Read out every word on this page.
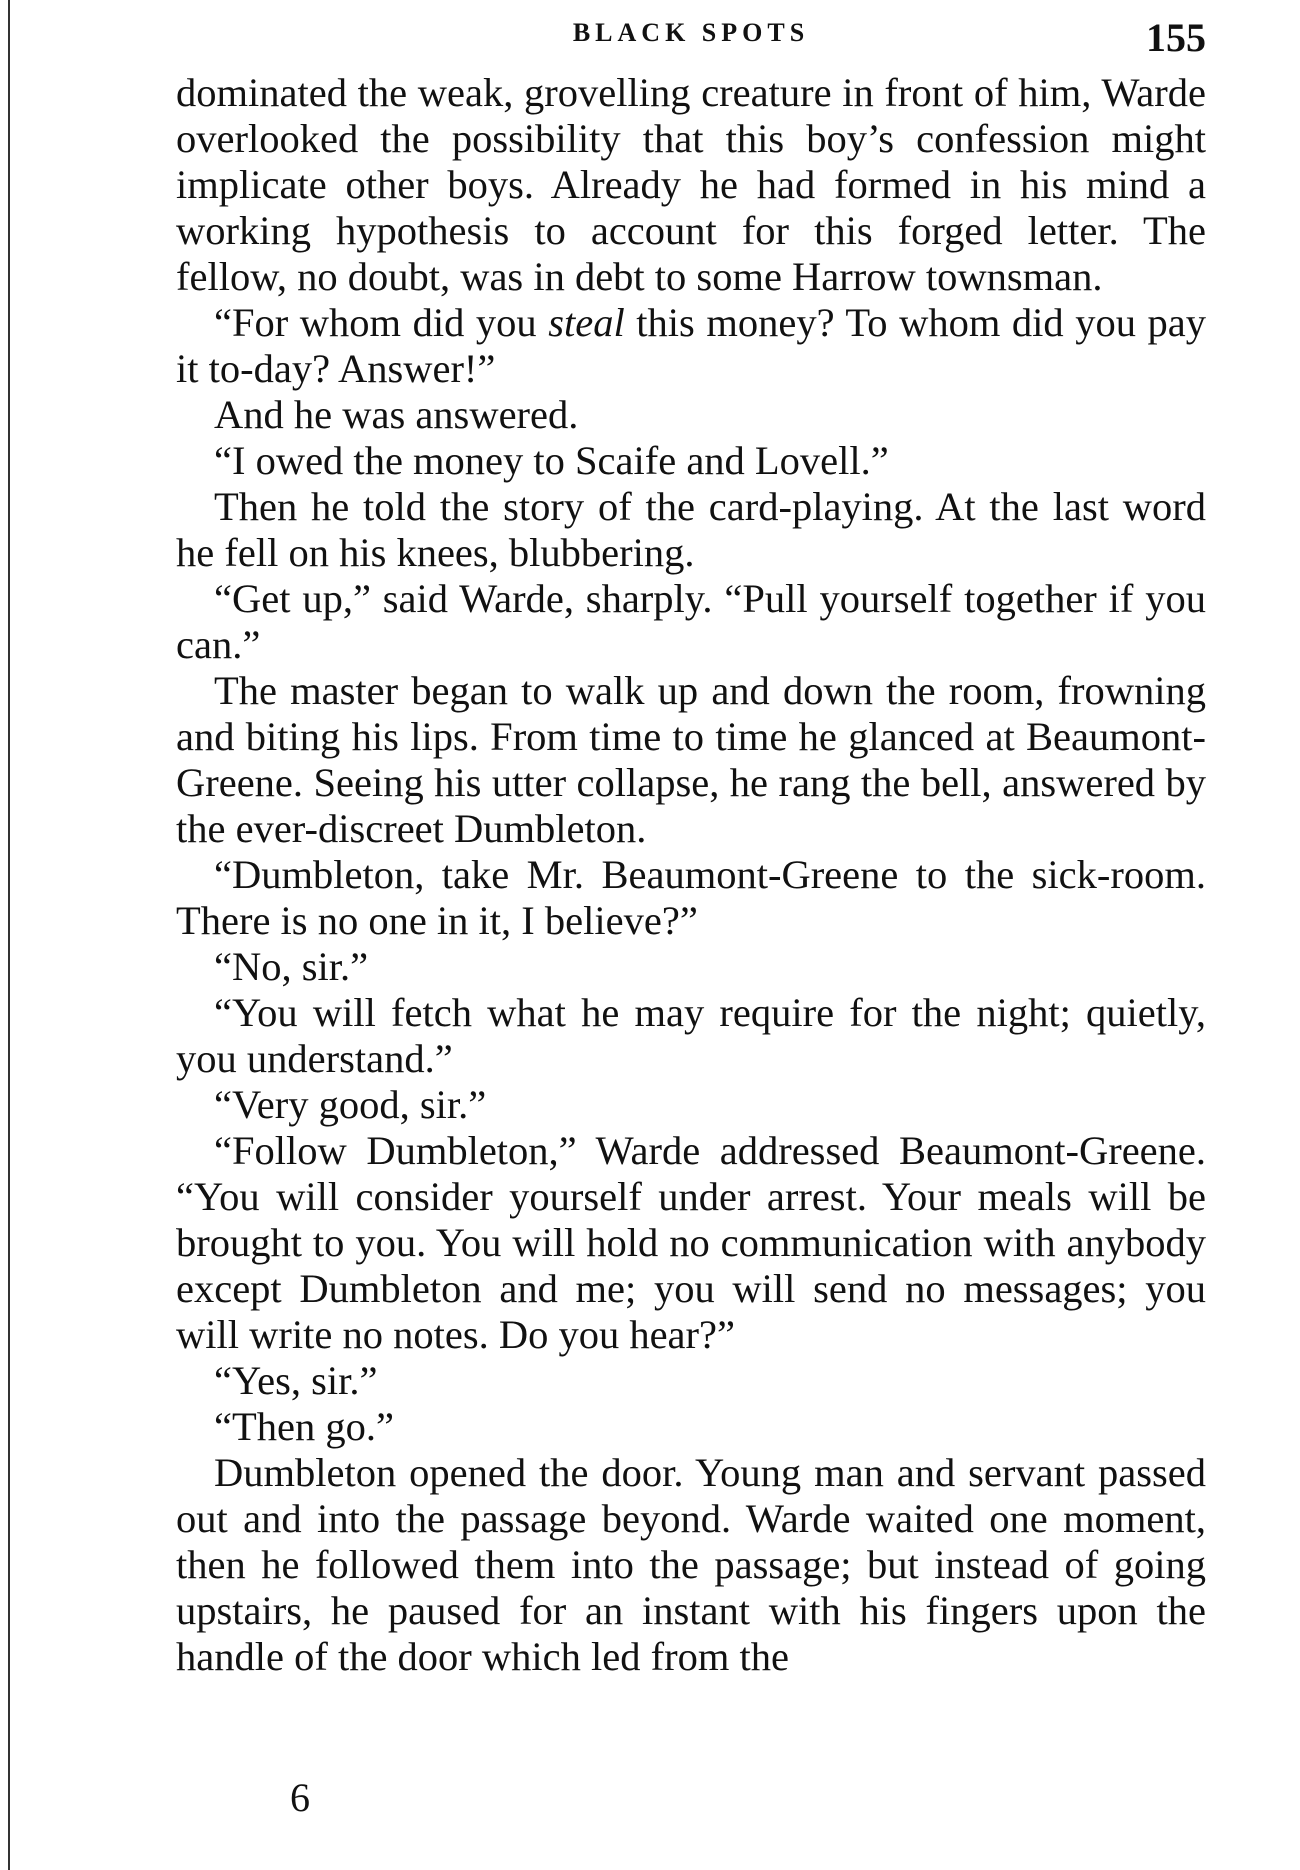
BLACK SPOTS	155

dominated the weak, grovelling creature in front of him, Warde overlooked the possibility that this boy’s confession might implicate other boys. Already he had formed in his mind a working hypothesis to account for this forged letter. The fellow, no doubt, was in debt to some Harrow townsman.

“For whom did you steal this money? To whom did you pay it to-day? Answer!”

And he was answered.

“I owed the money to Scaife and Lovell.”

Then he told the story of the card-playing. At the last word he fell on his knees, blubbering.

“Get up,” said Warde, sharply. “Pull yourself together if you can.”

The master began to walk up and down the room, frowning and biting his lips. From time to time he glanced at Beaumont-Greene. Seeing his utter collapse, he rang the bell, answered by the ever-discreet Dumbleton.

“Dumbleton, take Mr. Beaumont-Greene to the sick-room. There is no one in it, I believe?”

“No, sir.”

“You will fetch what he may require for the night; quietly, you understand.”

“Very good, sir.”

“Follow Dumbleton,” Warde addressed Beaumont-Greene. “You will consider yourself under arrest. Your meals will be brought to you. You will hold no communication with anybody except Dumbleton and me; you will send no messages; you will write no notes. Do you hear?”

“Yes, sir.”

“Then go.”

Dumbleton opened the door. Young man and servant passed out and into the passage beyond. Warde waited one moment, then he followed them into the passage; but instead of going upstairs, he paused for an instant with his fingers upon the handle of the door which led from the

6
